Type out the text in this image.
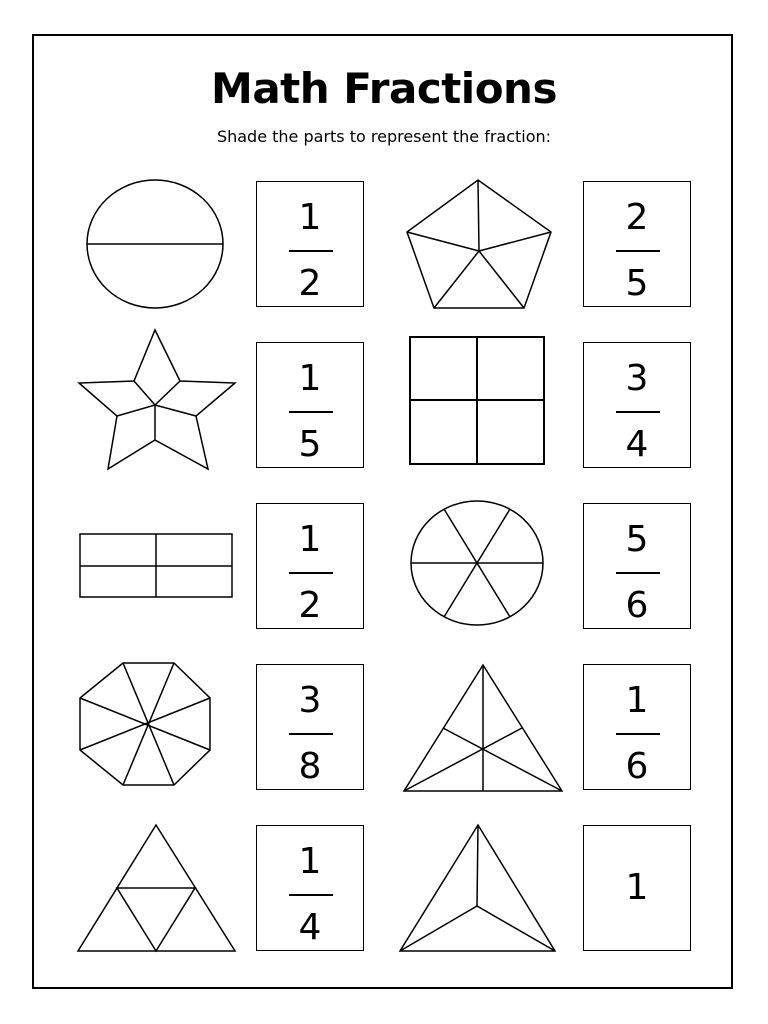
Math Fractions
Shade the parts to represent the fraction:
1
2
1
5
1
2
3
8
1
4
2
5
3
4
5
6
1
6
1
